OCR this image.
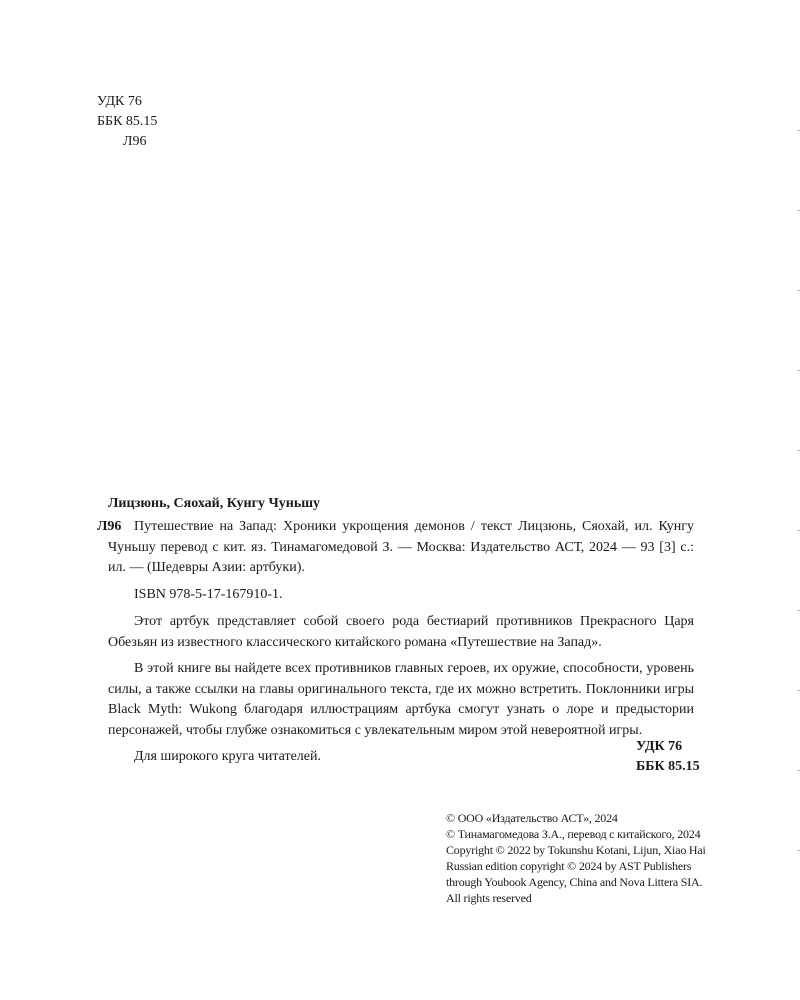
УДК 76
ББК 85.15
Л96
Лицзюнь, Сяохай, Кунгу Чуньшу
Л96 Путешествие на Запад: Хроники укрощения демонов / текст Лицзюнь, Сяохай, ил. Кунгу Чуньшу перевод с кит. яз. Тинамагомедовой З. — Москва: Издательство АСТ, 2024 — 93 [3] с.: ил. — (Шедевры Азии: артбуки).

ISBN 978-5-17-167910-1.

Этот артбук представляет собой своего рода бестиарий противников Прекрасного Царя Обезьян из известного классического китайского романа «Путешествие на Запад».

В этой книге вы найдете всех противников главных героев, их оружие, способности, уровень силы, а также ссылки на главы оригинального текста, где их можно встретить. Поклонники игры Black Myth: Wukong благодаря иллюстрациям артбука смогут узнать о лоре и предыстории персонажей, чтобы глубже ознакомиться с увлекательным миром этой невероятной игры.

Для широкого круга читателей.

УДК 76
ББК 85.15
© ООО «Издательство АСТ», 2024
© Тинамагомедова З.А., перевод с китайского, 2024
Copyright © 2022 by Tokunshu Kotani, Lijun, Xiao Hai
Russian edition copyright © 2024 by AST Publishers
through Youbook Agency, China and Nova Littera SIA.
All rights reserved
